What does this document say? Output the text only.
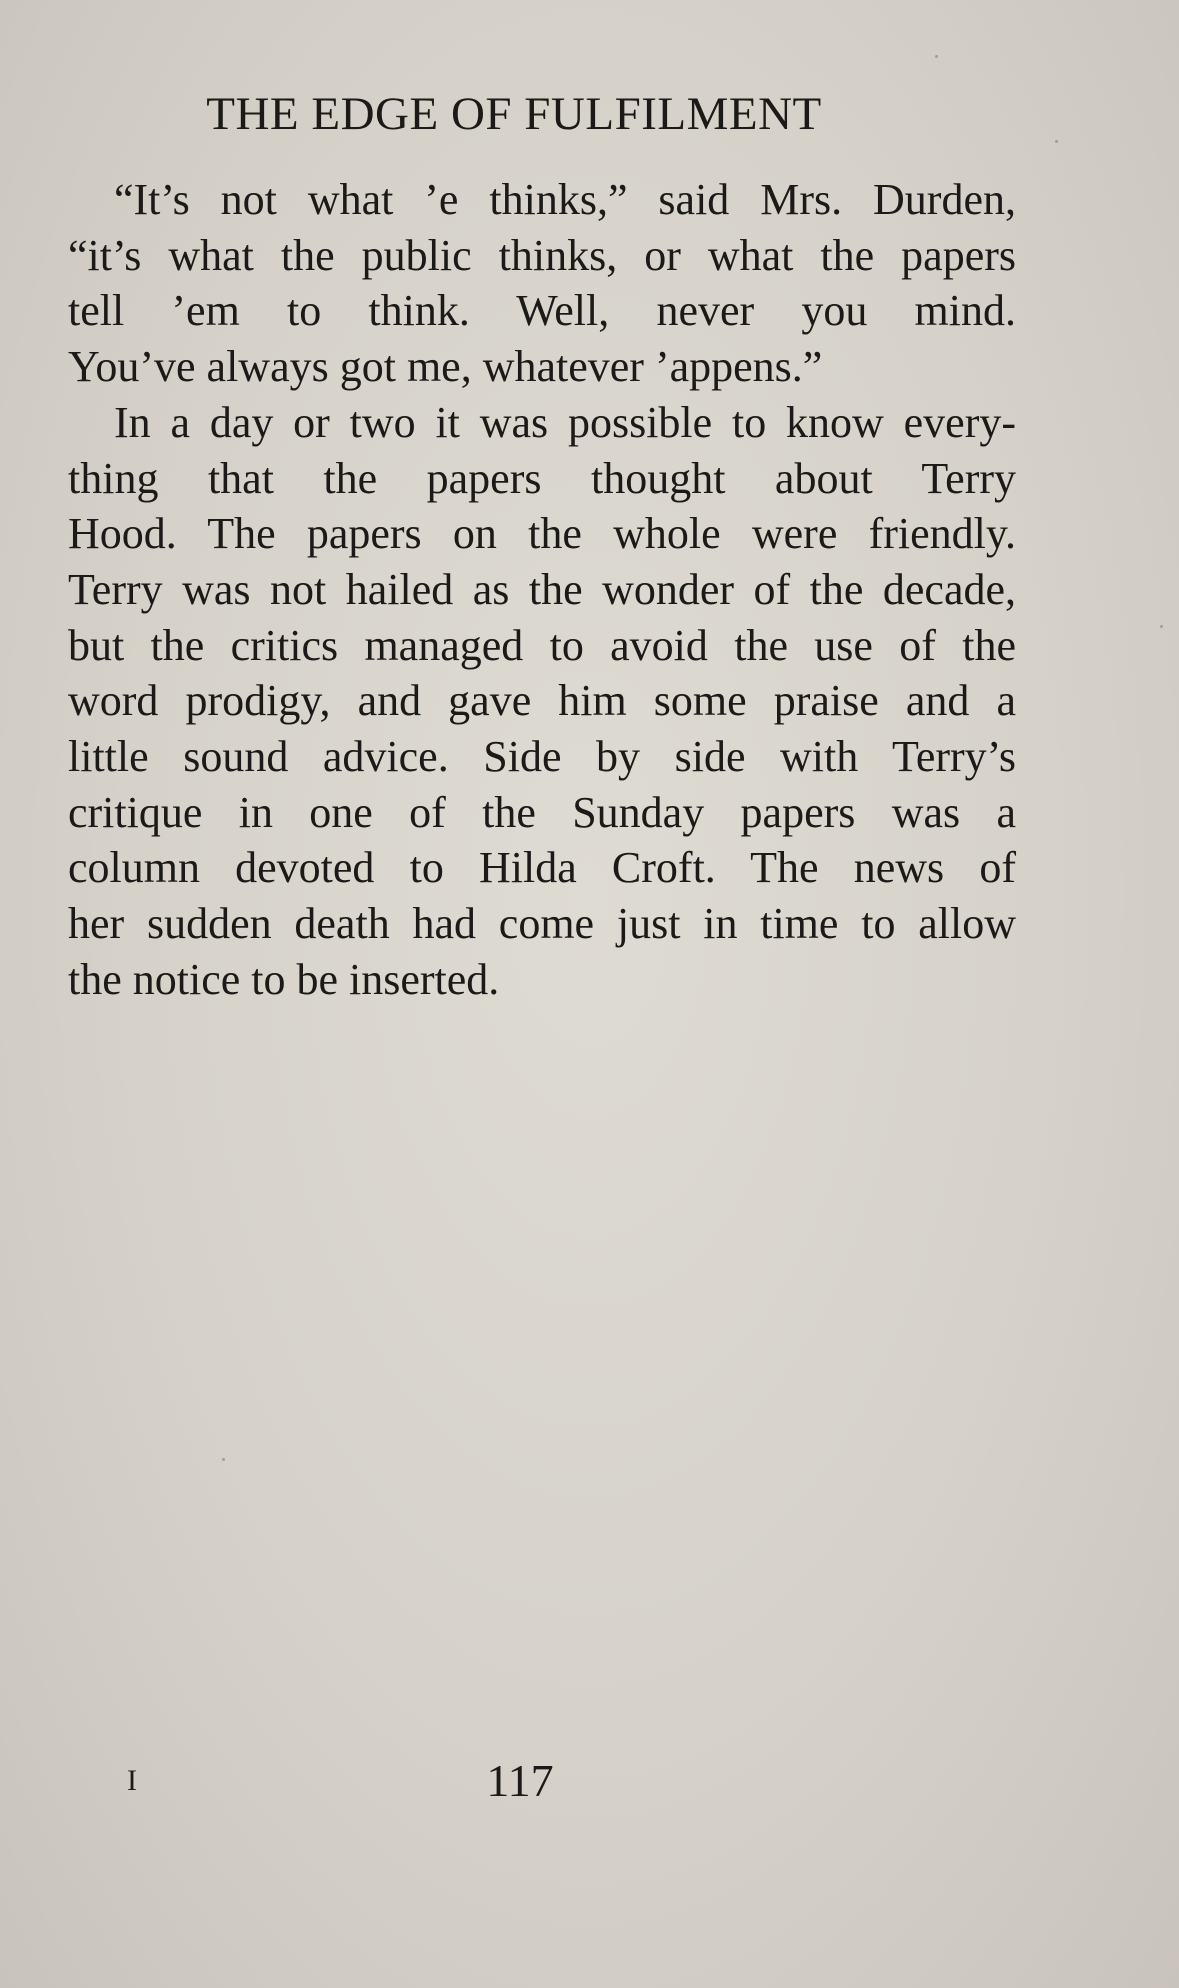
THE EDGE OF FULFILMENT
“It’s not what ’e thinks,” said Mrs. Durden,
“it’s what the public thinks, or what the papers
tell ’em to think. Well, never you mind.
You’ve always got me, whatever ’appens.”
In a day or two it was possible to know every-
thing that the papers thought about Terry
Hood. The papers on the whole were friendly.
Terry was not hailed as the wonder of the decade,
but the critics managed to avoid the use of the
word prodigy, and gave him some praise and a
little sound advice. Side by side with Terry’s
critique in one of the Sunday papers was a
column devoted to Hilda Croft. The news of
her sudden death had come just in time to allow
the notice to be inserted.
I	117
